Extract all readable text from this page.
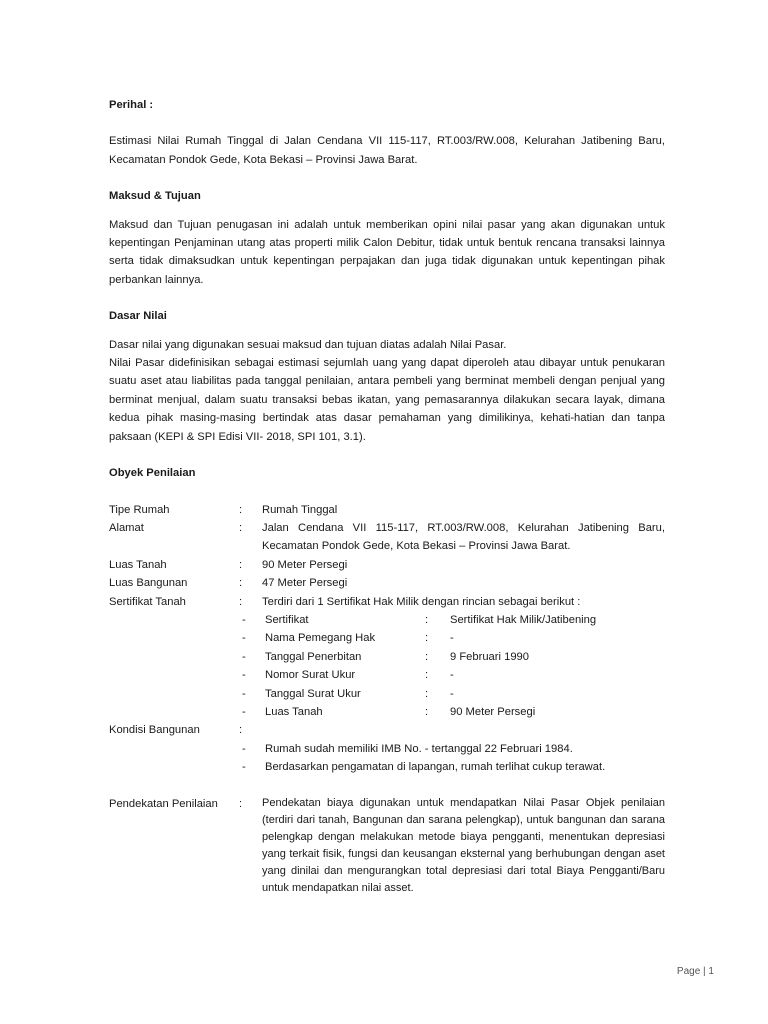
Perihal :

Estimasi Nilai Rumah Tinggal di Jalan Cendana VII 115-117, RT.003/RW.008, Kelurahan Jatibening Baru, Kecamatan Pondok Gede, Kota Bekasi – Provinsi Jawa Barat.

Maksud & Tujuan

Maksud dan Tujuan penugasan ini adalah untuk memberikan opini nilai pasar yang akan digunakan untuk kepentingan Penjaminan utang atas properti milik Calon Debitur, tidak untuk bentuk rencana transaksi lainnya serta tidak dimaksudkan untuk kepentingan perpajakan dan juga tidak digunakan untuk kepentingan pihak perbankan lainnya.

Dasar Nilai

Dasar nilai yang digunakan sesuai maksud dan tujuan diatas adalah Nilai Pasar.

Nilai Pasar didefinisikan sebagai estimasi sejumlah uang yang dapat diperoleh atau dibayar untuk penukaran suatu aset atau liabilitas pada tanggal penilaian, antara pembeli yang berminat membeli dengan penjual yang berminat menjual, dalam suatu transaksi bebas ikatan, yang pemasarannya dilakukan secara layak, dimana kedua pihak masing-masing bertindak atas dasar pemahaman yang dimilikinya, kehati-hatian dan tanpa paksaan (KEPI & SPI Edisi VII- 2018, SPI 101, 3.1).

Obyek Penilaian

Tipe Rumah	:	Rumah Tinggal
Alamat	:	Jalan Cendana VII 115-117, RT.003/RW.008, Kelurahan Jatibening Baru, Kecamatan Pondok Gede, Kota Bekasi – Provinsi Jawa Barat.
Luas Tanah	:	90 Meter Persegi
Luas Bangunan	:	47 Meter Persegi
Sertifikat Tanah	:	Terdiri dari 1 Sertifikat Hak Milik dengan rincian sebagai berikut :
-	Sertifikat	:	Sertifikat Hak Milik/Jatibening
-	Nama Pemegang Hak	:	-
-	Tanggal Penerbitan	:	9 Februari 1990
-	Nomor Surat Ukur	:	-
-	Tanggal Surat Ukur	:	-
-	Luas Tanah	:	90 Meter Persegi
Kondisi Bangunan	:
-	Rumah sudah memiliki IMB No. - tertanggal 22 Februari 1984.
-	Berdasarkan pengamatan di lapangan, rumah terlihat cukup terawat.
Pendekatan Penilaian	:	Pendekatan biaya digunakan untuk mendapatkan Nilai Pasar Objek penilaian (terdiri dari tanah, Bangunan dan sarana pelengkap), untuk bangunan dan sarana pelengkap dengan melakukan metode biaya pengganti, menentukan depresiasi yang terkait fisik, fungsi dan keusangan eksternal yang berhubungan dengan aset yang dinilai dan mengurangkan total depresiasi dari total Biaya Pengganti/Baru untuk mendapatkan nilai asset.
Page | 1
